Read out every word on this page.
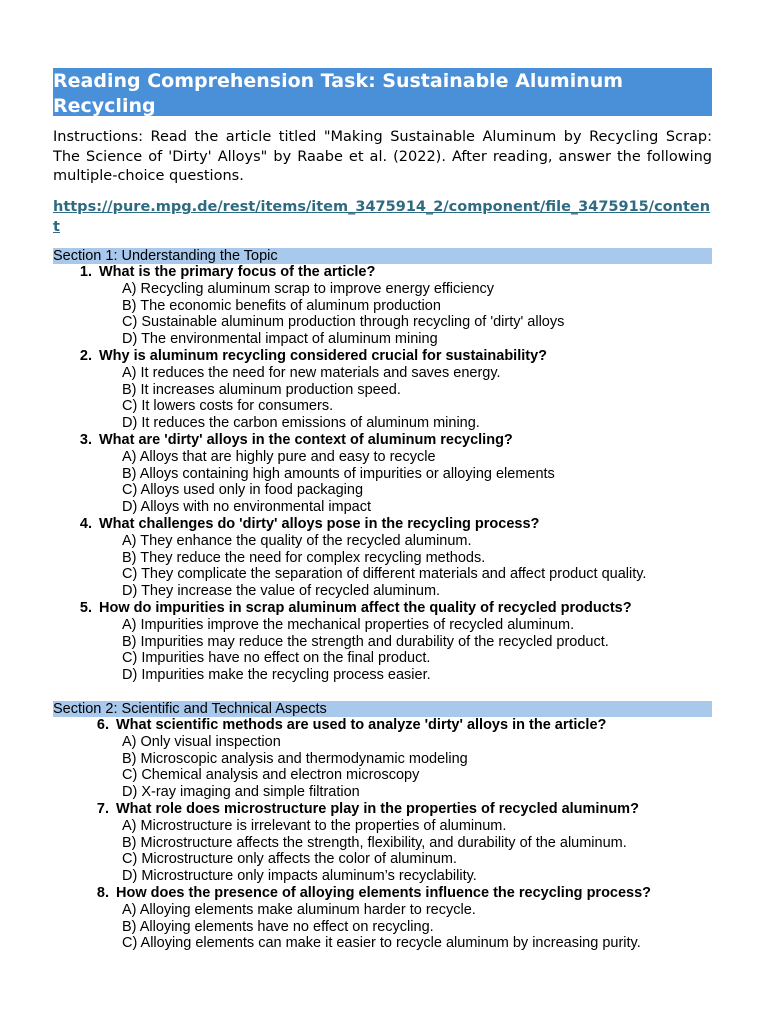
Reading Comprehension Task: Sustainable Aluminum Recycling

Instructions: Read the article titled "Making Sustainable Aluminum by Recycling Scrap: The Science of 'Dirty' Alloys" by Raabe et al. (2022). After reading, answer the following multiple-choice questions.

https://pure.mpg.de/rest/items/item_3475914_2/component/file_3475915/content
Section 1: Understanding the Topic
1. What is the primary focus of the article?
A) Recycling aluminum scrap to improve energy efficiency
B) The economic benefits of aluminum production
C) Sustainable aluminum production through recycling of 'dirty' alloys
D) The environmental impact of aluminum mining
2. Why is aluminum recycling considered crucial for sustainability?
A) It reduces the need for new materials and saves energy.
B) It increases aluminum production speed.
C) It lowers costs for consumers.
D) It reduces the carbon emissions of aluminum mining.
3. What are 'dirty' alloys in the context of aluminum recycling?
A) Alloys that are highly pure and easy to recycle
B) Alloys containing high amounts of impurities or alloying elements
C) Alloys used only in food packaging
D) Alloys with no environmental impact
4. What challenges do 'dirty' alloys pose in the recycling process?
A) They enhance the quality of the recycled aluminum.
B) They reduce the need for complex recycling methods.
C) They complicate the separation of different materials and affect product quality.
D) They increase the value of recycled aluminum.
5. How do impurities in scrap aluminum affect the quality of recycled products?
A) Impurities improve the mechanical properties of recycled aluminum.
B) Impurities may reduce the strength and durability of the recycled product.
C) Impurities have no effect on the final product.
D) Impurities make the recycling process easier.
Section 2: Scientific and Technical Aspects
6. What scientific methods are used to analyze 'dirty' alloys in the article?
A) Only visual inspection
B) Microscopic analysis and thermodynamic modeling
C) Chemical analysis and electron microscopy
D) X-ray imaging and simple filtration
7. What role does microstructure play in the properties of recycled aluminum?
A) Microstructure is irrelevant to the properties of aluminum.
B) Microstructure affects the strength, flexibility, and durability of the aluminum.
C) Microstructure only affects the color of aluminum.
D) Microstructure only impacts aluminum’s recyclability.
8. How does the presence of alloying elements influence the recycling process?
A) Alloying elements make aluminum harder to recycle.
B) Alloying elements have no effect on recycling.
C) Alloying elements can make it easier to recycle aluminum by increasing purity.
